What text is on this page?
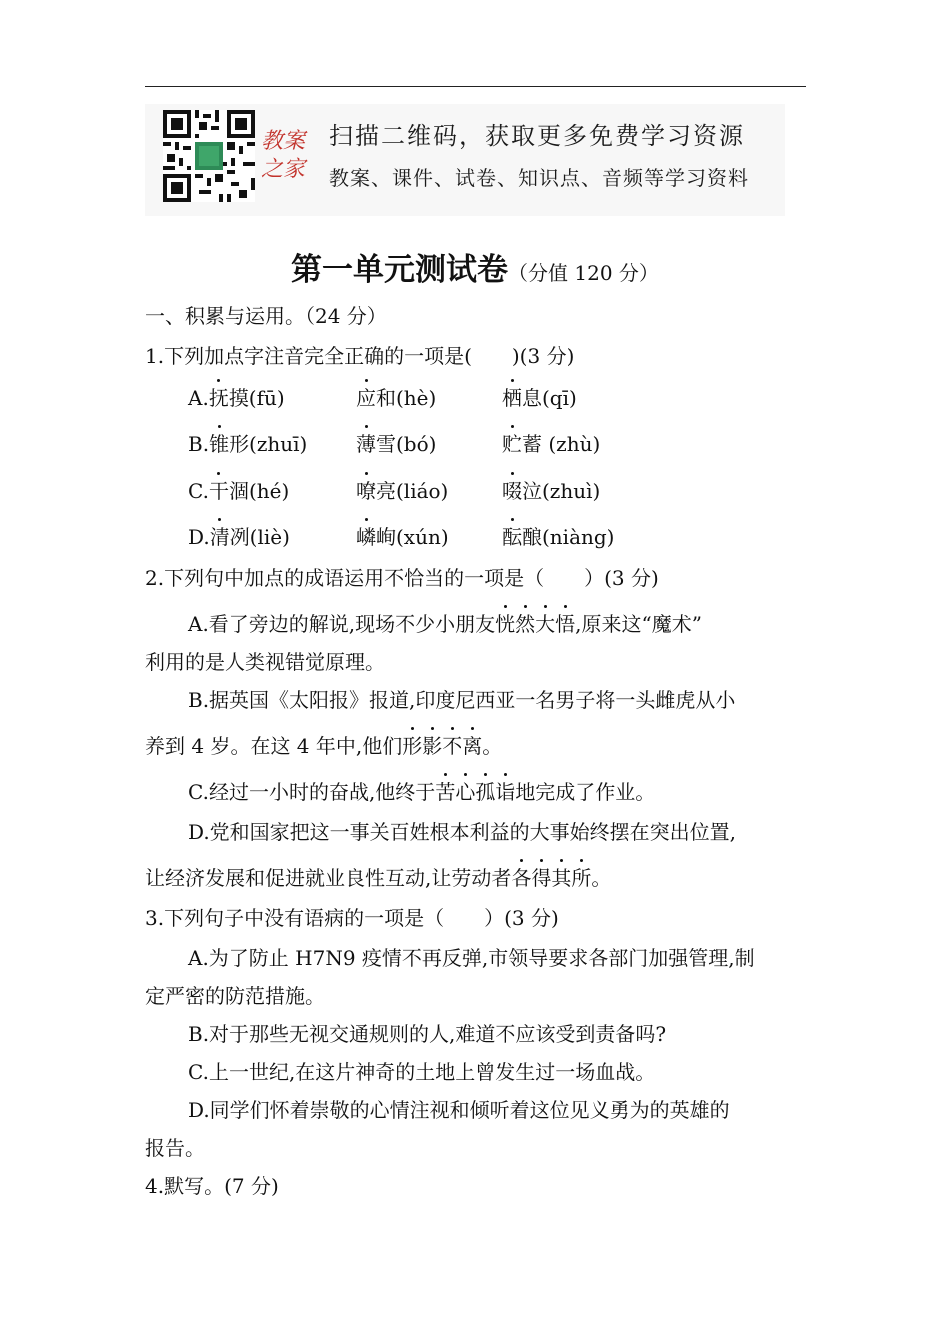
教案
之家
扫描二维码，获取更多免费学习资源
教案、课件、试卷、知识点、音频等学习资料
第一单元测试卷（分值 120 分）
一、积累与运用。（24 分）
1.下列加点字注音完全正确的一项是(　　)(3 分)
A.抚摸(fū)	应和(hè)	栖息(qī)
B.锥形(zhuī) 薄雪(bó)	贮蓄 (zhù)
C.干涸(hé)	嘹亮(liáo)	啜泣(zhuì)
D.清冽(liè)	嶙峋(xún)	酝酿(niàng)
2.下列句中加点的成语运用不恰当的一项是（　　）(3 分)
A.看了旁边的解说,现场不少小朋友恍然大悟,原来这“魔术”
利用的是人类视错觉原理。
B.据英国《太阳报》报道,印度尼西亚一名男子将一头雌虎从小
养到 4 岁。在这 4 年中,他们形影不离。
C.经过一小时的奋战,他终于苦心孤诣地完成了作业。
D.党和国家把这一事关百姓根本利益的大事始终摆在突出位置,
让经济发展和促进就业良性互动,让劳动者各得其所。
3.下列句子中没有语病的一项是（　　）(3 分)
A.为了防止 H7N9 疫情不再反弹,市领导要求各部门加强管理,制
定严密的防范措施。
B.对于那些无视交通规则的人,难道不应该受到责备吗?
C.上一世纪,在这片神奇的土地上曾发生过一场血战。
D.同学们怀着崇敬的心情注视和倾听着这位见义勇为的英雄的
报告。
4.默写。(7 分)
